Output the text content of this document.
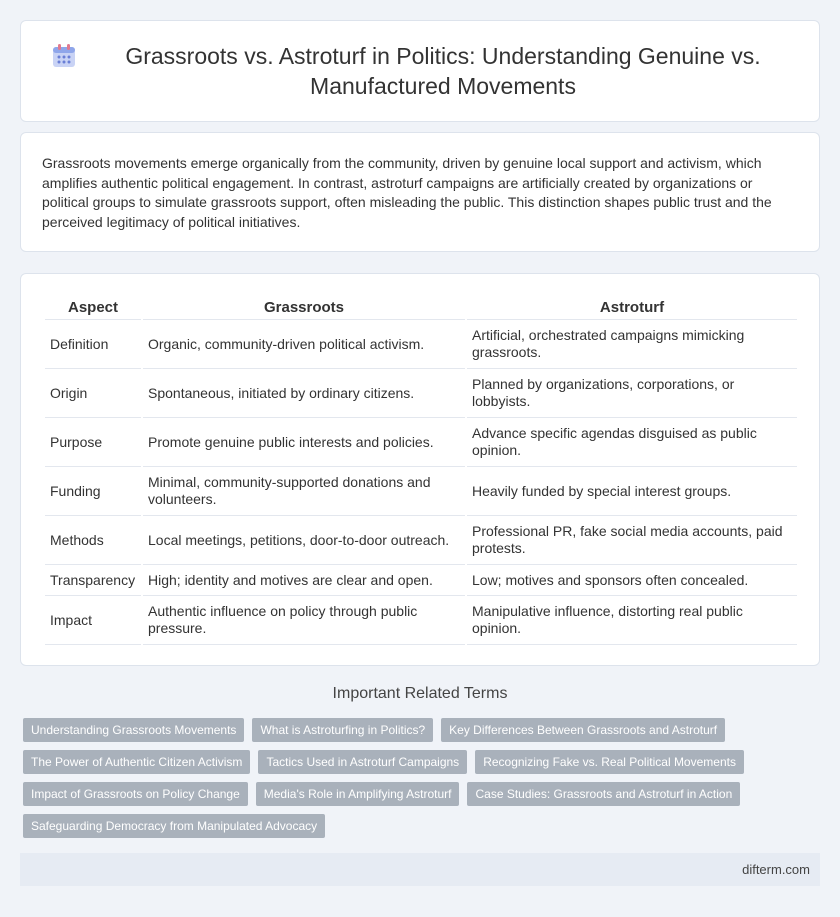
Grassroots vs. Astroturf in Politics: Understanding Genuine vs. Manufactured Movements

Grassroots movements emerge organically from the community, driven by genuine local support and activism, which amplifies authentic political engagement. In contrast, astroturf campaigns are artificially created by organizations or political groups to simulate grassroots support, often misleading the public. This distinction shapes public trust and the perceived legitimacy of political initiatives.

Aspect	Grassroots	Astroturf
Definition	Organic, community-driven political activism.	Artificial, orchestrated campaigns mimicking grassroots.
Origin	Spontaneous, initiated by ordinary citizens.	Planned by organizations, corporations, or lobbyists.
Purpose	Promote genuine public interests and policies.	Advance specific agendas disguised as public opinion.
Funding	Minimal, community-supported donations and volunteers.	Heavily funded by special interest groups.
Methods	Local meetings, petitions, door-to-door outreach.	Professional PR, fake social media accounts, paid protests.
Transparency	High; identity and motives are clear and open.	Low; motives and sponsors often concealed.
Impact	Authentic influence on policy through public pressure.	Manipulative influence, distorting real public opinion.
Important Related Terms
Understanding Grassroots Movements	What is Astroturfing in Politics?	Key Differences Between Grassroots and Astroturf
The Power of Authentic Citizen Activism	Tactics Used in Astroturf Campaigns	Recognizing Fake vs. Real Political Movements
Impact of Grassroots on Policy Change	Media's Role in Amplifying Astroturf	Case Studies: Grassroots and Astroturf in Action
Safeguarding Democracy from Manipulated Advocacy
difterm.com
